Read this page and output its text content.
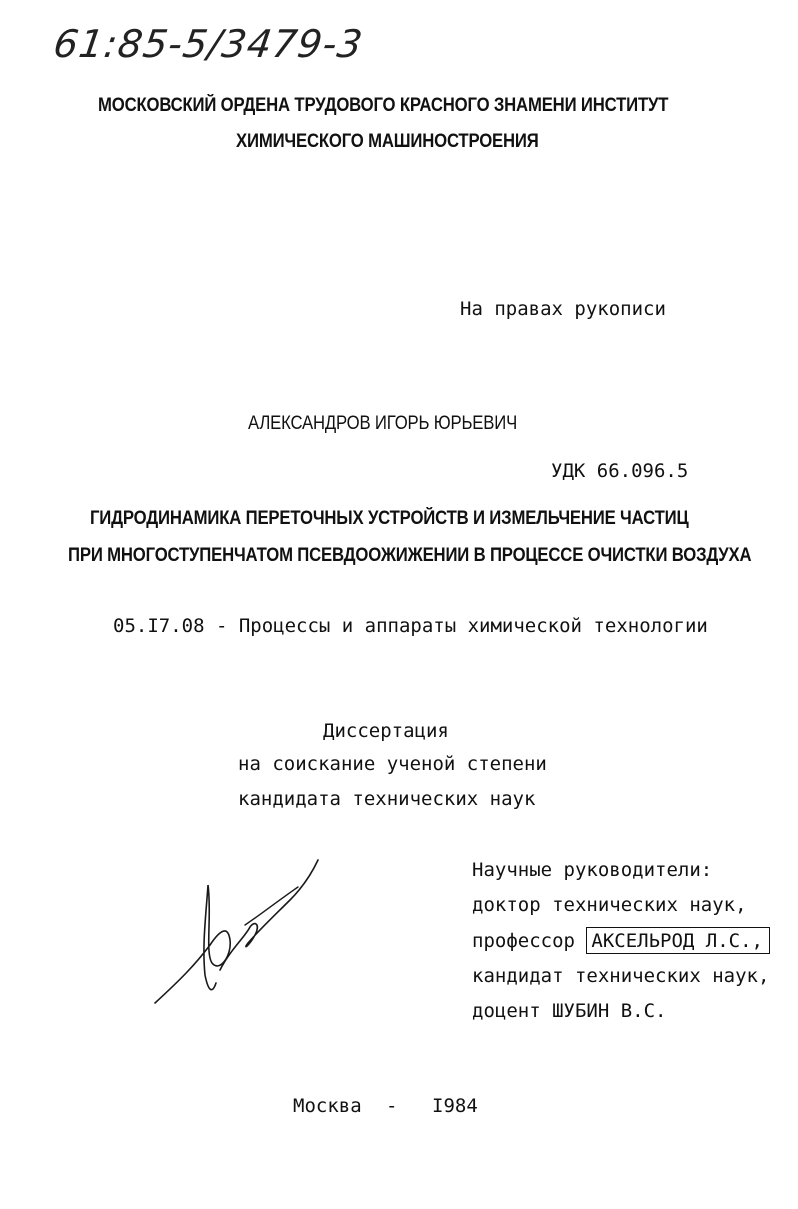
61:85-5/3479-3
МОСКОВСКИЙ ОРДЕНА ТРУДОВОГО КРАСНОГО ЗНАМЕНИ ИНСТИТУТ
ХИМИЧЕСКОГО МАШИНОСТРОЕНИЯ
На правах рукописи
АЛЕКСАНДРОВ ИГОРЬ ЮРЬЕВИЧ
УДК 66.096.5
ГИДРОДИНАМИКА ПЕРЕТОЧНЫХ УСТРОЙСТВ И ИЗМЕЛЬЧЕНИЕ ЧАСТИЦ
ПРИ МНОГОСТУПЕНЧАТОМ ПСЕВДООЖИЖЕНИИ В ПРОЦЕССЕ ОЧИСТКИ ВОЗДУХА
05.I7.08 - Процессы и аппараты химической технологии
Диссертация
на соискание ученой степени
кандидата технических наук
Научные руководители:
доктор технических наук,
профессор АКСЕЛЬРОД Л.С.,
кандидат технических наук,
доцент ШУБИН В.С.
Москва - I984
